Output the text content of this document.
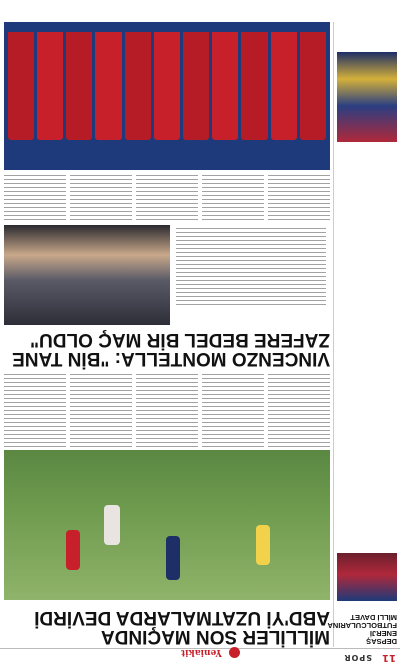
11
SPOR
Yeniakit
DEPSAŞ ENERJİ FUTBOLCULARINA MİLLİ DAVET
MİLLİLER SON MAÇINDA
ABD'Yİ UZATMALARDA DEVİRDİ
VINCENZO MONTELLA: "BİN TANE
ZAFERE BEDEL BİR MAÇ OLDU"
